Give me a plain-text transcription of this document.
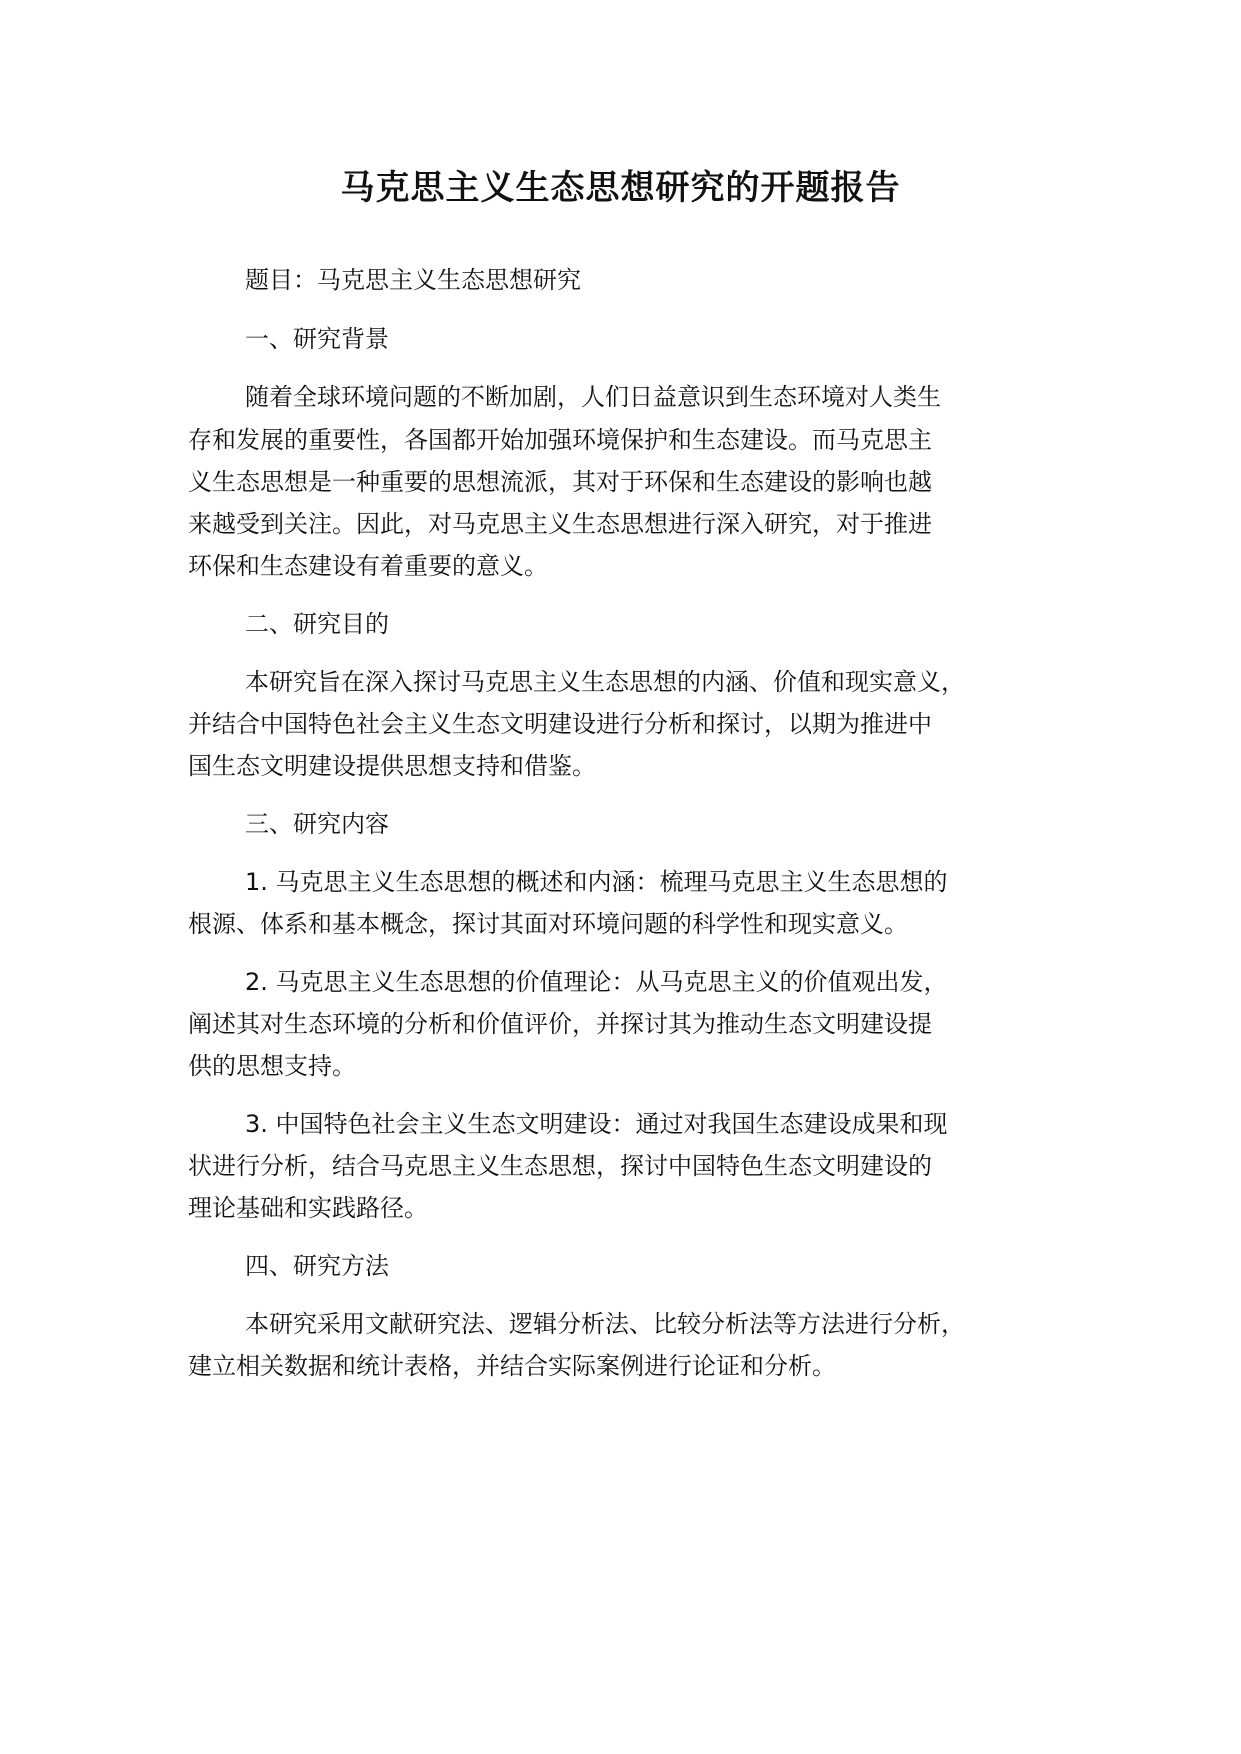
马克思主义生态思想研究的开题报告
题目：马克思主义生态思想研究
一、研究背景
随着全球环境问题的不断加剧，人们日益意识到生态环境对人类生
存和发展的重要性，各国都开始加强环境保护和生态建设。而马克思主
义生态思想是一种重要的思想流派，其对于环保和生态建设的影响也越
来越受到关注。因此，对马克思主义生态思想进行深入研究，对于推进
环保和生态建设有着重要的意义。
二、研究目的
本研究旨在深入探讨马克思主义生态思想的内涵、价值和现实意义，
并结合中国特色社会主义生态文明建设进行分析和探讨，以期为推进中
国生态文明建设提供思想支持和借鉴。
三、研究内容
1. 马克思主义生态思想的概述和内涵：梳理马克思主义生态思想的
根源、体系和基本概念，探讨其面对环境问题的科学性和现实意义。
2. 马克思主义生态思想的价值理论：从马克思主义的价值观出发，
阐述其对生态环境的分析和价值评价，并探讨其为推动生态文明建设提
供的思想支持。
3. 中国特色社会主义生态文明建设：通过对我国生态建设成果和现
状进行分析，结合马克思主义生态思想，探讨中国特色生态文明建设的
理论基础和实践路径。
四、研究方法
本研究采用文献研究法、逻辑分析法、比较分析法等方法进行分析，
建立相关数据和统计表格，并结合实际案例进行论证和分析。
